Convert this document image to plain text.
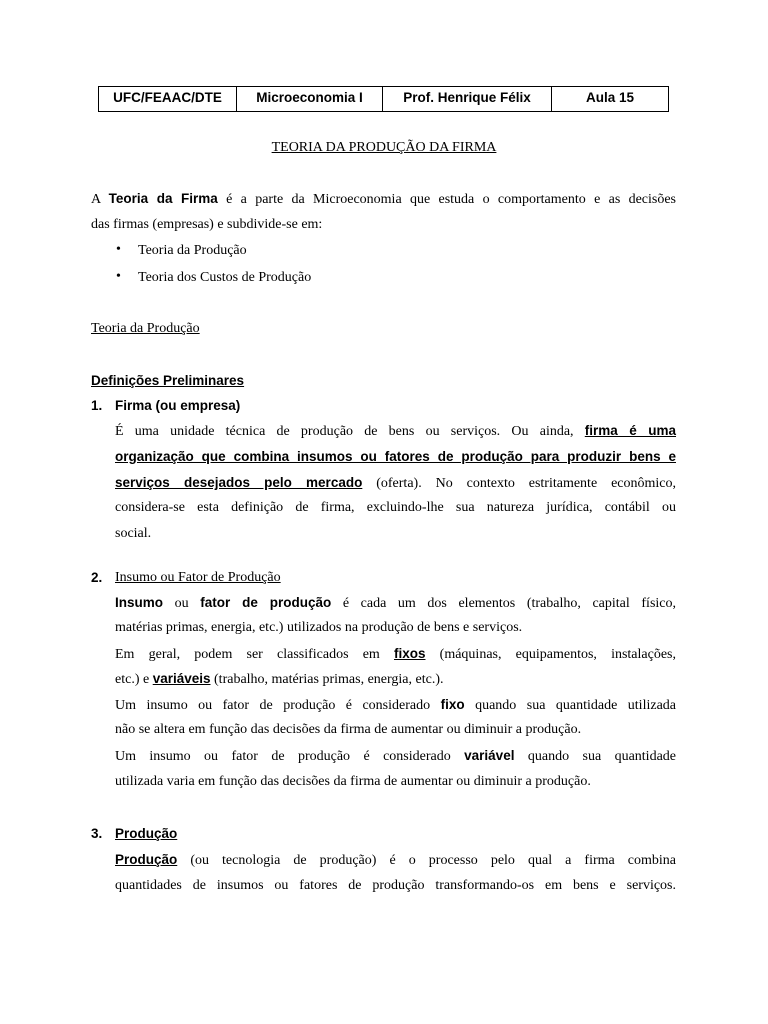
UFC/FEAAC/DTE	Microeconomia I	Prof. Henrique Félix	Aula 15
TEORIA DA PRODUÇÃO DA FIRMA
A Teoria da Firma é a parte da Microeconomia que estuda o comportamento e as decisões
das firmas (empresas) e subdivide-se em:
• Teoria da Produção
• Teoria dos Custos de Produção
Teoria da Produção
Definições Preliminares
1. Firma (ou empresa)
É uma unidade técnica de produção de bens ou serviços. Ou ainda, firma é uma
organização que combina insumos ou fatores de produção para produzir bens e
serviços desejados pelo mercado (oferta). No contexto estritamente econômico,
considera-se esta definição de firma, excluindo-lhe sua natureza jurídica, contábil ou
social.
2. Insumo ou Fator de Produção
Insumo ou fator de produção é cada um dos elementos (trabalho, capital físico,
matérias primas, energia, etc.) utilizados na produção de bens e serviços.
Em geral, podem ser classificados em fixos (máquinas, equipamentos, instalações,
etc.) e variáveis (trabalho, matérias primas, energia, etc.).
Um insumo ou fator de produção é considerado fixo quando sua quantidade utilizada
não se altera em função das decisões da firma de aumentar ou diminuir a produção.
Um insumo ou fator de produção é considerado variável quando sua quantidade
utilizada varia em função das decisões da firma de aumentar ou diminuir a produção.
3. Produção
Produção (ou tecnologia de produção) é o processo pelo qual a firma combina
quantidades de insumos ou fatores de produção transformando-os em bens e serviços.
